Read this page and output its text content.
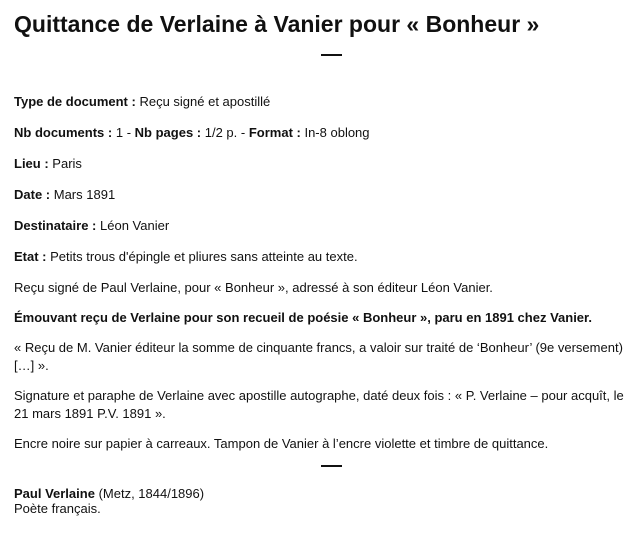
Quittance de Verlaine à Vanier pour « Bonheur »
Type de document : Reçu signé et apostillé
Nb documents : 1 - Nb pages : 1/2 p. - Format : In-8 oblong
Lieu : Paris
Date : Mars 1891
Destinataire : Léon Vanier
Etat : Petits trous d'épingle et pliures sans atteinte au texte.

Reçu signé de Paul Verlaine, pour « Bonheur », adressé à son éditeur Léon Vanier.

Émouvant reçu de Verlaine pour son recueil de poésie « Bonheur », paru en 1891 chez Vanier.

« Reçu de M. Vanier éditeur la somme de cinquante francs, a valoir sur traité de ‘Bonheur’ (9e versement) […] ».

Signature et paraphe de Verlaine avec apostille autographe, daté deux fois : « P. Verlaine – pour acquît, le 21 mars 1891 P.V. 1891 ».

Encre noire sur papier à carreaux. Tampon de Vanier à l’encre violette et timbre de quittance.

Paul Verlaine (Metz, 1844/1896)
Poète français.
